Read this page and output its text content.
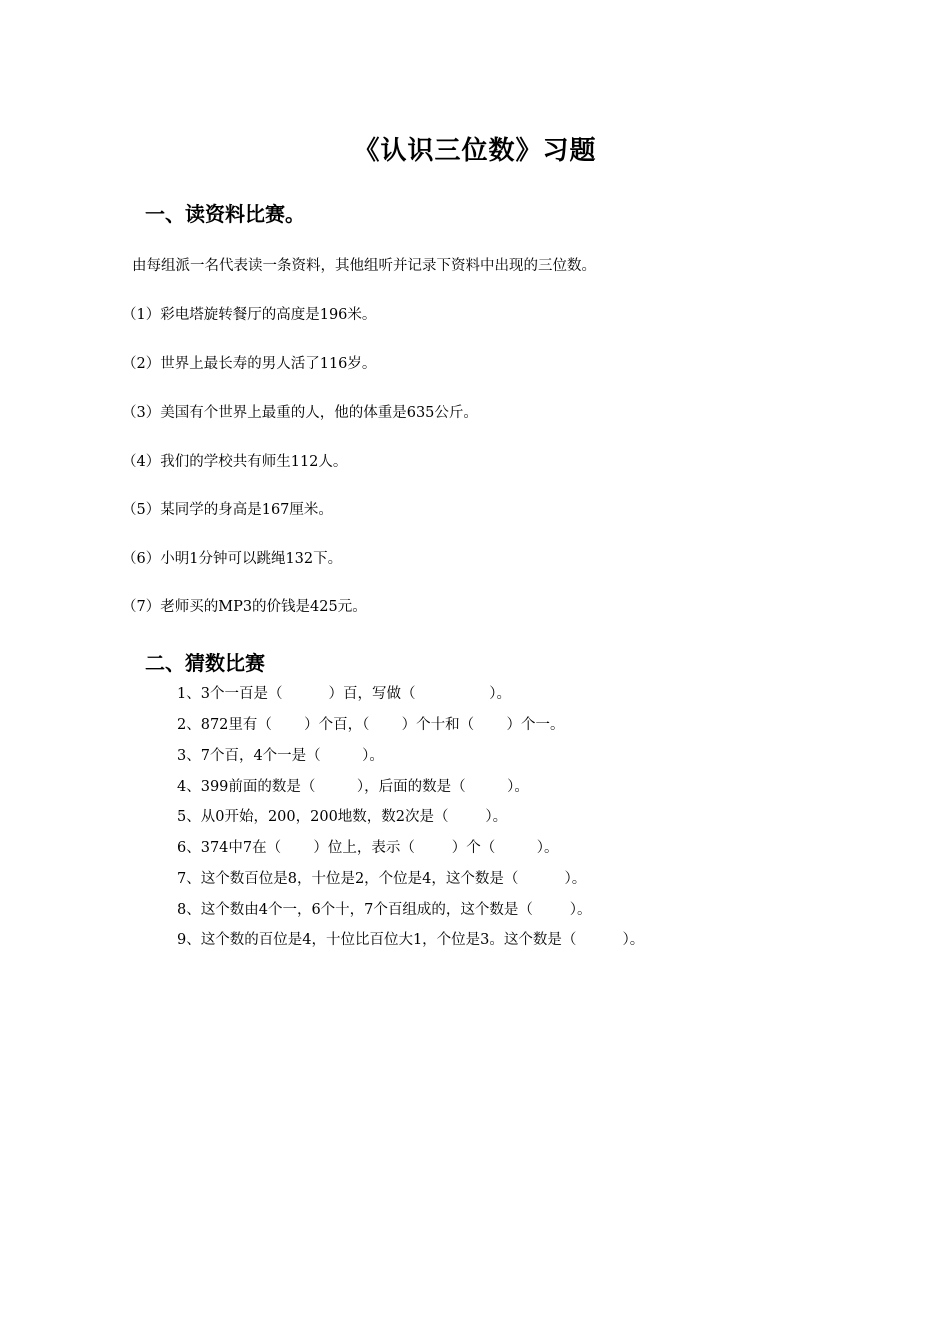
《认识三位数》习题
一、读资料比赛。
由每组派一名代表读一条资料，其他组听并记录下资料中出现的三位数。
（1）彩电塔旋转餐厅的高度是196米。
（2）世界上最长寿的男人活了116岁。
（3）美国有个世界上最重的人，他的体重是635公斤。
（4）我们的学校共有师生112人。
（5）某同学的身高是167厘米。
（6）小明1分钟可以跳绳132下。
（7）老师买的MP3的价钱是425元。
二、猜数比赛
1、3个一百是（          ）百，写做（                ）。
2、872里有（       ）个百，（       ）个十和（       ）个一。
3、7个百，4个一是（         ）。
4、399前面的数是（         ），后面的数是（         ）。
5、从0开始，200，200地数，数2次是（        ）。
6、374中7在（       ）位上，表示（        ）个（         ）。
7、这个数百位是8，十位是2，个位是4，这个数是（          ）。
8、这个数由4个一，6个十，7个百组成的，这个数是（        ）。
9、这个数的百位是4，十位比百位大1，个位是3。这个数是（          ）。
